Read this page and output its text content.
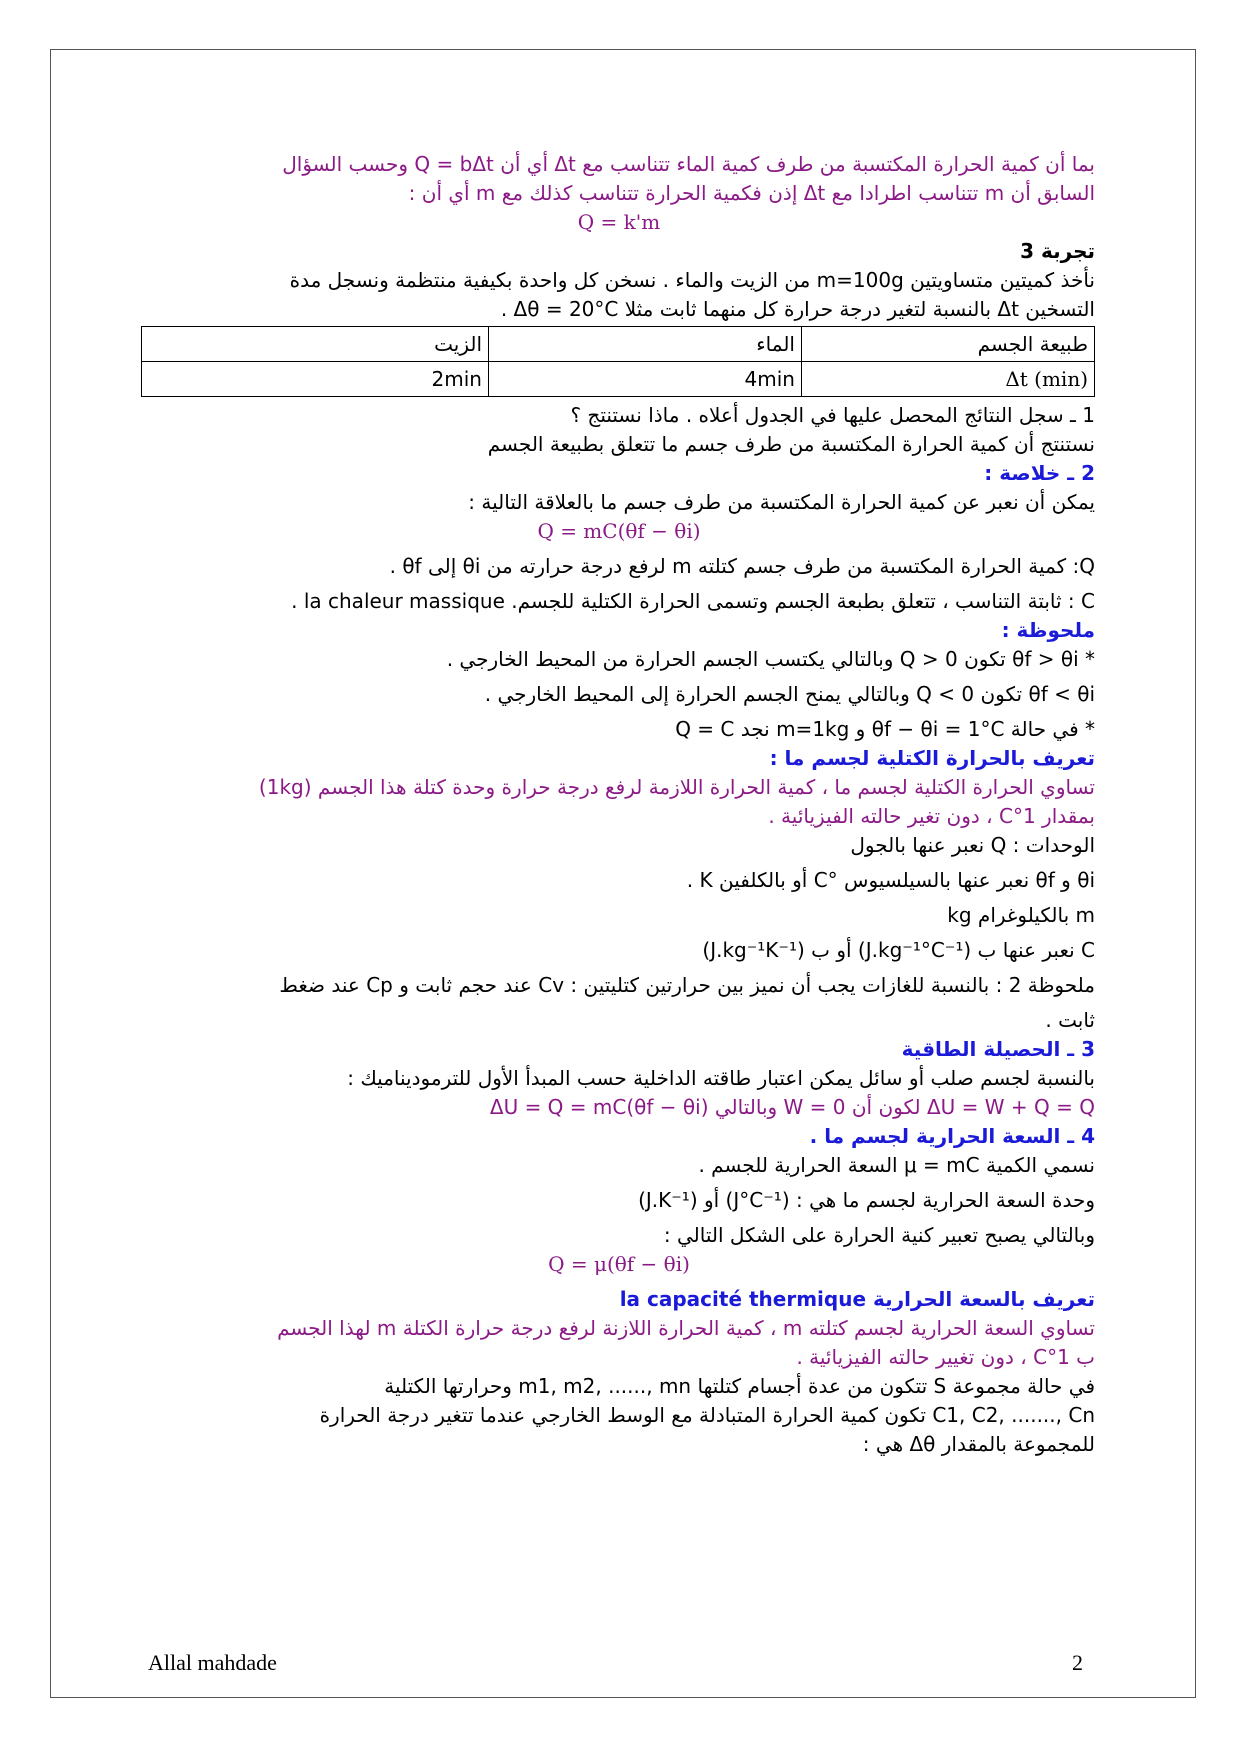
بما أن كمية الحرارة المكتسبة من طرف كمية الماء تتناسب مع Δt أي أن Q = bΔt وحسب السؤال

السابق أن m تتناسب اطرادا مع Δt إذن فكمية الحرارة تتناسب كذلك مع m أي أن :

Q = k'm

تجربة 3

نأخذ كميتين متساويتين m=100g من الزيت والماء . نسخن كل واحدة بكيفية منتظمة ونسجل مدة

التسخين Δt بالنسبة لتغير درجة حرارة كل منهما ثابت مثلا Δθ = 20°C .

طبيعة الجسم	الماء	الزيت
Δt (min)	4min	2min

1 ـ سجل النتائج المحصل عليها في الجدول أعلاه . ماذا نستنتج ؟

نستنتج أن كمية الحرارة المكتسبة من طرف جسم ما تتعلق بطبيعة الجسم

2 ـ خلاصة :

يمكن أن نعبر عن كمية الحرارة المكتسبة من طرف جسم ما بالعلاقة التالية :

Q = mC(θf − θi)

Q: كمية الحرارة المكتسبة من طرف جسم كتلته m لرفع درجة حرارته من θi إلى θf .

C : ثابتة التناسب ، تتعلق بطبعة الجسم وتسمى الحرارة الكتلية للجسم. la chaleur massique .

ملحوظة :

* θf > θi تكون Q > 0 وبالتالي يكتسب الجسم الحرارة من المحيط الخارجي .

θf < θi تكون Q < 0 وبالتالي يمنح الجسم الحرارة إلى المحيط الخارجي .

* في حالة θf − θi = 1°C و m=1kg نجد Q = C

تعريف بالحرارة الكتلية لجسم ما :

تساوي الحرارة الكتلية لجسم ما ، كمية الحرارة اللازمة لرفع درجة حرارة وحدة كتلة هذا الجسم (1kg)

بمقدار 1°C ، دون تغير حالته الفيزيائية .

الوحدات : Q نعبر عنها بالجول

θi و θf نعبر عنها بالسيلسيوس °C أو بالكلفين K .

m بالكيلوغرام kg

C نعبر عنها ب (J.kg⁻¹°C⁻¹) أو ب (J.kg⁻¹K⁻¹)

ملحوظة 2 : بالنسبة للغازات يجب أن نميز بين حرارتين كتليتين : Cv عند حجم ثابت و Cp عند ضغط

ثابت .

3 ـ الحصيلة الطاقية

بالنسبة لجسم صلب أو سائل يمكن اعتبار طاقته الداخلية حسب المبدأ الأول للترموديناميك :

ΔU = W + Q = Q لكون أن W = 0 وبالتالي ΔU = Q = mC(θf − θi)

4 ـ السعة الحرارية لجسم ما .

نسمي الكمية μ = mC السعة الحرارية للجسم .

وحدة السعة الحرارية لجسم ما هي : (J°C⁻¹) أو (J.K⁻¹)

وبالتالي يصبح تعبير كنية الحرارة على الشكل التالي :

Q = μ(θf − θi)

تعريف بالسعة الحرارية la capacité thermique

تساوي السعة الحرارية لجسم كتلته m ، كمية الحرارة اللازنة لرفع درجة حرارة الكتلة m لهذا الجسم

ب 1°C ، دون تغيير حالته الفيزيائية .

في حالة مجموعة S تتكون من عدة أجسام كتلتها m1, m2, ......, mn وحرارتها الكتلية

C1, C2, ......., Cn تكون كمية الحرارة المتبادلة مع الوسط الخارجي عندما تتغير درجة الحرارة

للمجموعة بالمقدار Δθ هي :

Allal mahdade	2
